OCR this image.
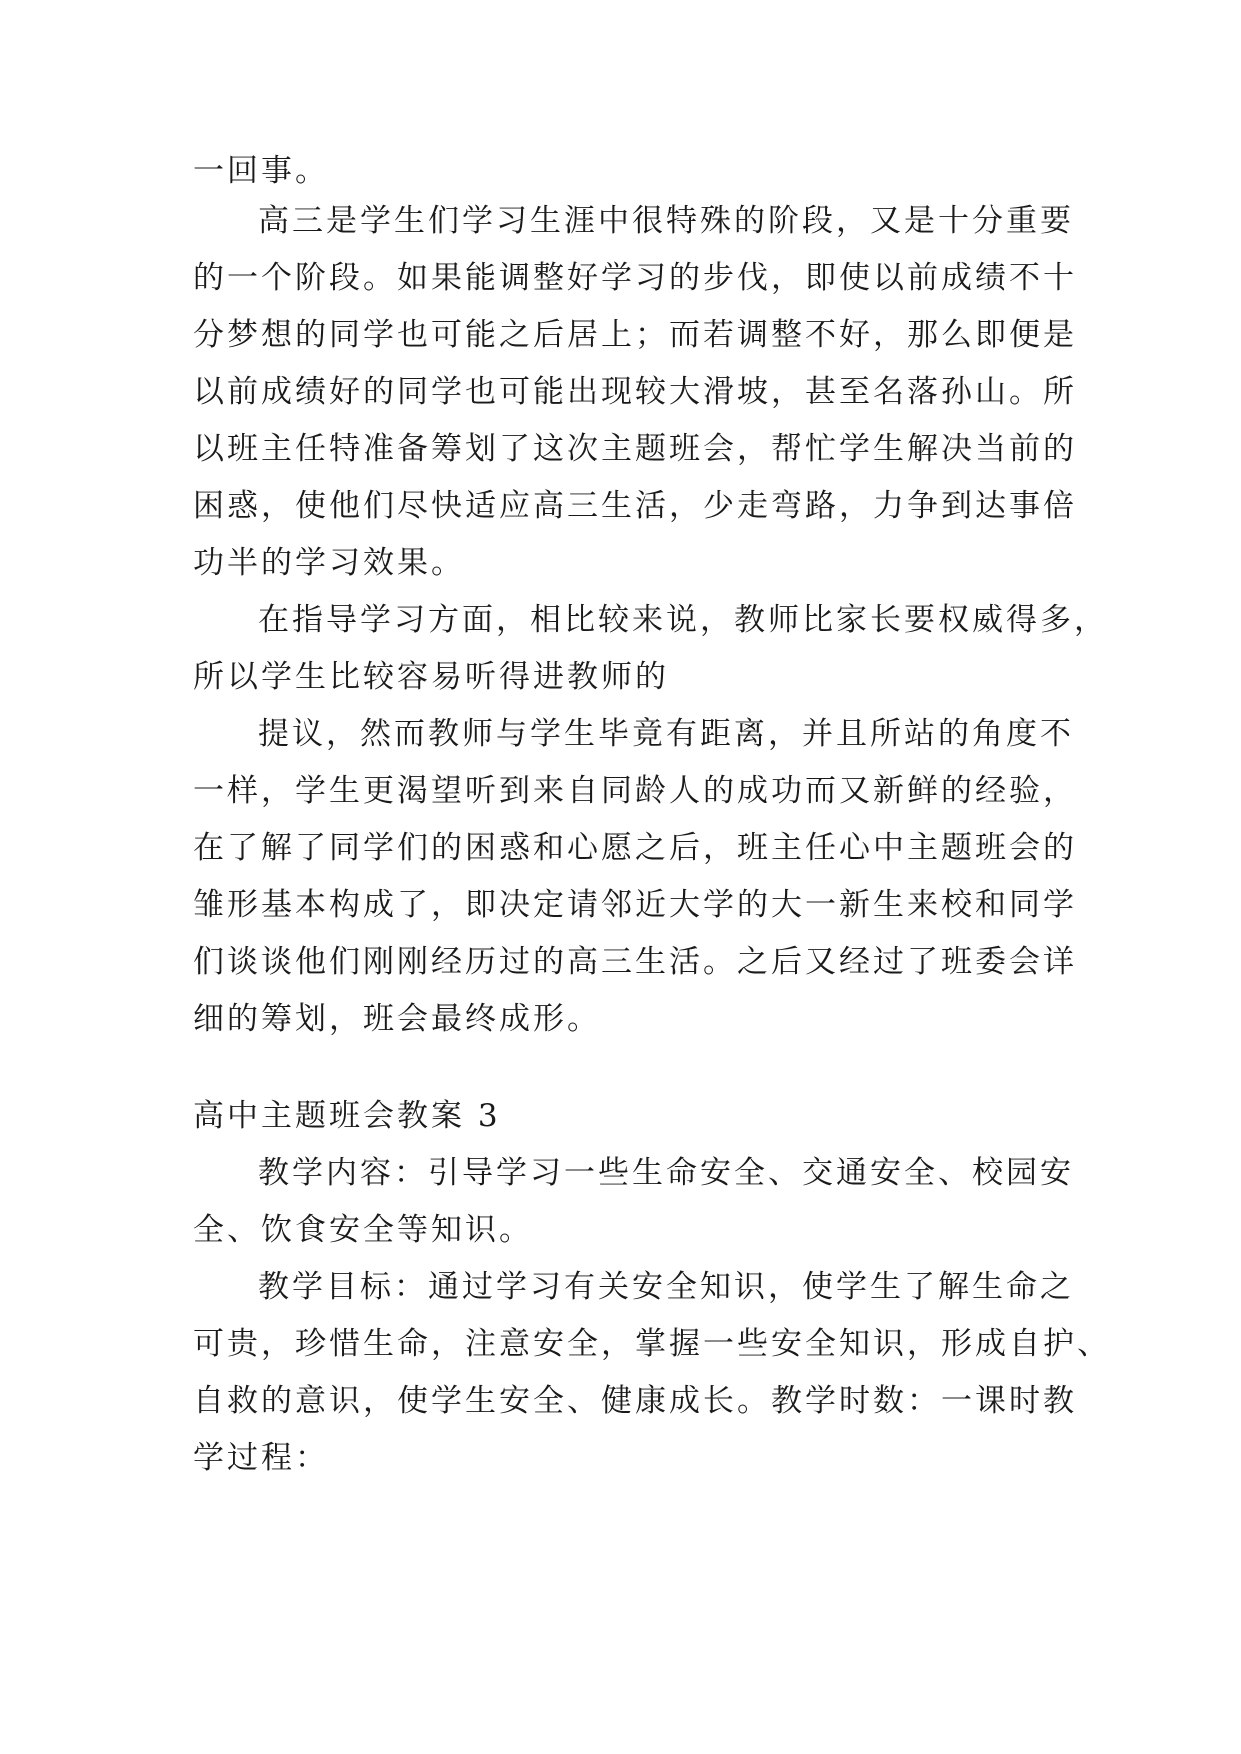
一回事。
高三是学生们学习生涯中很特殊的阶段，又是十分重要
的一个阶段。如果能调整好学习的步伐，即使以前成绩不十
分梦想的同学也可能之后居上；而若调整不好，那么即便是
以前成绩好的同学也可能出现较大滑坡，甚至名落孙山。所
以班主任特准备筹划了这次主题班会，帮忙学生解决当前的
困惑，使他们尽快适应高三生活，少走弯路，力争到达事倍
功半的学习效果。
在指导学习方面，相比较来说，教师比家长要权威得多，
所以学生比较容易听得进教师的
提议，然而教师与学生毕竟有距离，并且所站的角度不
一样，学生更渴望听到来自同龄人的成功而又新鲜的经验，
在了解了同学们的困惑和心愿之后，班主任心中主题班会的
雏形基本构成了，即决定请邻近大学的大一新生来校和同学
们谈谈他们刚刚经历过的高三生活。之后又经过了班委会详
细的筹划，班会最终成形。
高中主题班会教案 3
教学内容：引导学习一些生命安全、交通安全、校园安
全、饮食安全等知识。
教学目标：通过学习有关安全知识，使学生了解生命之
可贵，珍惜生命，注意安全，掌握一些安全知识，形成自护、
自救的意识，使学生安全、健康成长。教学时数：一课时教
学过程：
